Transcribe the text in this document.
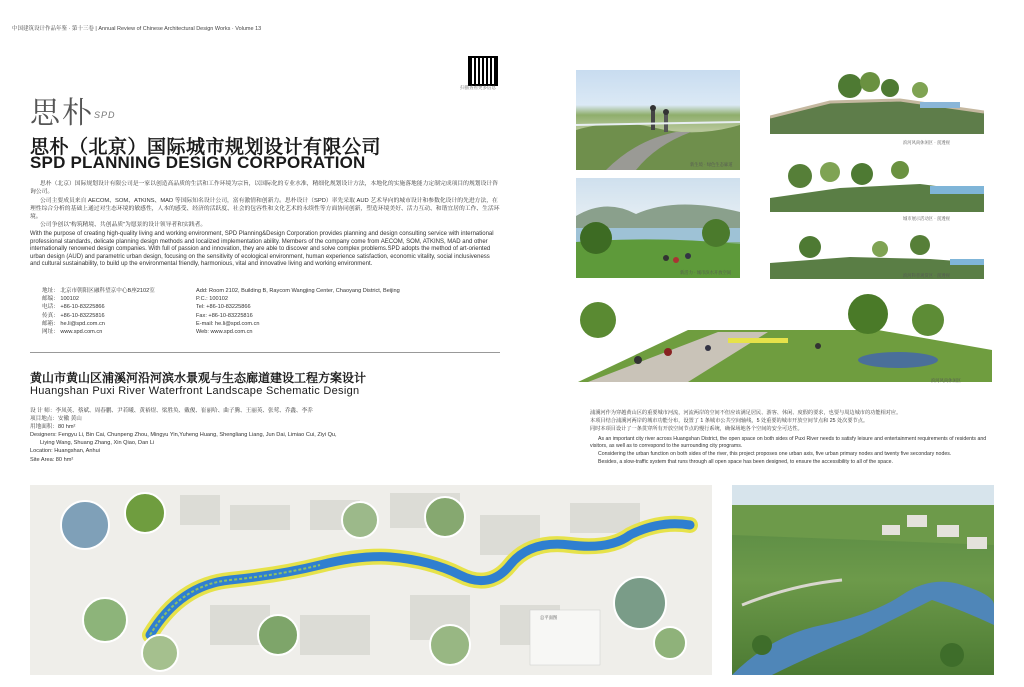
中国建筑设计作品年鉴 · 第十三卷 | Annual Review of Chinese Architectural Design Works · Volume 13
思朴 SPD
扫描查看更多信息
思朴（北京）国际城市规划设计有限公司
SPD PLANNING DESIGN CORPORATION
思朴（北京）国际规划设计有限公司是一家以创造高品质的生活和工作环境为宗旨，以国际化的专业水准，精细化规划设计方法，本地化的实施落地能力定制完成项目的规划设计咨询公司。
公司主要成员来自 AECOM、SOM、ATKINS、MAD 等国际知名设计公司，富有激情和创新力。思朴设计（SPD）率先采取 AUD 艺术导向的城市设计和参数化设计的先进方法，在理性综合分析的基础上通过对生态环境的敏感性，人本的感受、经济的活跃度、社会的包容性和文化艺术的永续性等方面协同创新，塑造环境美好、活力互动、和谐宜居的工作、生活环境。
公司争创以“构筑精境、共创品质”为愿景的设计领导者和实践者。
With the purpose of creating high-quality living and working environment, SPD Planning&Design Corporation provides planning and design consulting service with international professional standards, delicate planning design methods and localized implementation ability. Members of the company come from AECOM, SOM, ATKINS, MAD and other internationally renowned design companies. With full of passion and innovation, they are able to discover and solve complex problems.SPD adopts the method of art-oriented urban design (AUD) and parametric urban design, focusing on the sensitivity of ecological environment, human experience satisfaction, economic vitality, social inclusiveness and cultural sustainability, to build up the environmental friendly, harmonious, vital and innovative living and working environment.
地址： 北京市朝阳区融科望京中心B座2102室
邮编： 100102
电话： +86-10-83225866
传真： +86-10-83225816
邮箱： he.li@spd.com.cn
网址： www.spd.com.cn
Add: Room 2102, Building B, Raycom Wangjing Center, Chaoyang District, Beijing
P.C.: 100102
Tel: +86-10-83225866
Fax: +86-10-83225816
E-mail: he.li@spd.com.cn
Web: www.spd.com.cn
黄山市黄山区浦溪河沿河滨水景观与生态廊道建设工程方案设计
Huangshan Puxi River Waterfront Landscape Schematic Design
设 计 师：李凤英、蔡斌、周春鹏、尹若曦、黄裕煜、梁胜奂、戴俊、崔丽哈、曲子腾、王丽英、张莺、乔鑫、李乔
项目地点：安徽 黄山
用地面积：80 hm²
Designers: Fengyu Li, Bin Cai, Chunpeng Zhou, Mingyu Yin,Yuheng Huang, Shengliang Liang, Jun Dai, Limiao Cui, Ziyi Qu,
Liying Wang, Shuang Zhang, Xin Qiao, Dan Li
Location: Huangshan, Anhui
Site Area: 80 hm²
新生境 · 绿色生态廊道
新活力 · 城市滨水开放空间
滨河风尚休闲区 · 剖透视
城市展示活动区 · 剖透视
滨河科普观赏区 · 剖透视
滨河风尚休闲区

浦溪河作为穿越黄山区的重要城市河流，河流两岸的空间不但应该满足居民、游客、休闲、度假的要求，也要与周边城市的功能相对应。

本项目结合浦溪河两岸的城市功能分布，设置了 1 条城市公共空间轴线，5 处重要的城市开放空间节点和 25 处次要节点。

同时本项目设计了一条贯穿所有开放空间节点的慢行系统，确保场地各个空间的安全可达性。

As an important city river across Huangshan District, the open space on both sides of Puxi River needs to satisfy leisure and entertainment requirements of residents and visitors, as well as to correspond to the surrounding city programs.

Considering the urban function on both sides of the river, this project proposes one urban axis, five urban primary nodes and twenty five secondary nodes.

Besides, a slow-traffic system that runs through all open space has been designed, to ensure the accessibility to all of the space.

总平面图
